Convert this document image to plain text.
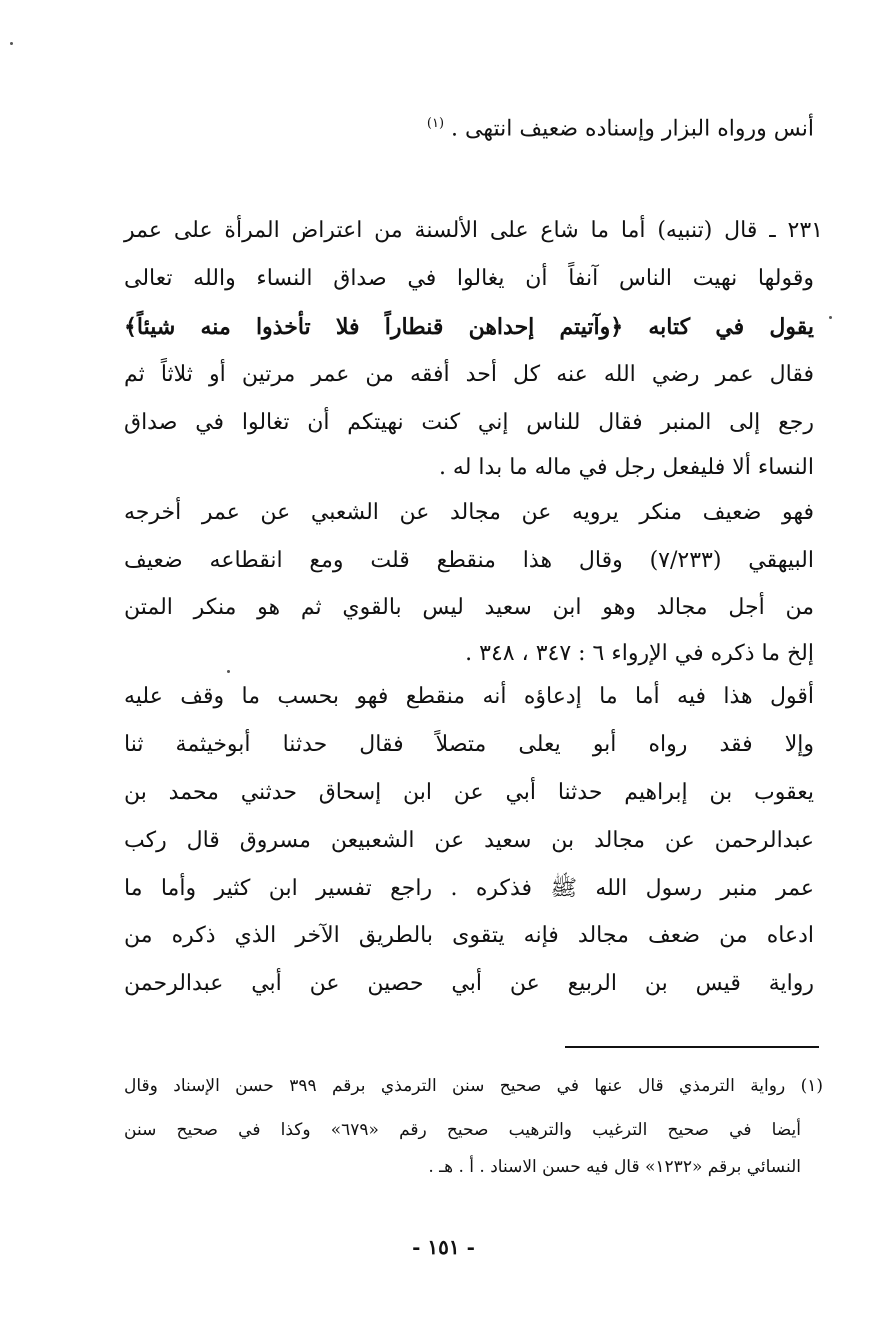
أنس ورواه البزار وإسناده ضعيف انتهى . $^{(١)}$
٢٣١ ـ قال (تنبيه) أما ما شاع على الألسنة من اعتراض المرأة على عمر
وقولها نهيت الناس آنفاً أن يغالوا في صداق النساء والله تعالى
يقول في كتابه ﴿وآتيتم إحداهن قنطاراً فلا تأخذوا منه شيئاً﴾
فقال عمر رضي الله عنه كل أحد أفقه من عمر مرتين أو ثلاثاً ثم
رجع إلى المنبر فقال للناس إني كنت نهيتكم أن تغالوا في صداق
النساء ألا فليفعل رجل في ماله ما بدا له .
فهو ضعيف منكر يرويه عن مجالد عن الشعبي عن عمر أخرجه
البيهقي (٧/٢٣٣) وقال هذا منقطع قلت ومع انقطاعه ضعيف
من أجل مجالد وهو ابن سعيد ليس بالقوي ثم هو منكر المتن
إلخ ما ذكره في الإرواء ٦ : ٣٤٧ ، ٣٤٨ .
أقول هذا فيه أما ما إدعاؤه أنه منقطع فهو بحسب ما وقف عليه
وإلا فقد رواه أبو يعلى متصلاً فقال حدثنا أبوخيثمة ثنا
يعقوب بن إبراهيم حدثنا أبي عن ابن إسحاق حدثني محمد بن
عبدالرحمن عن مجالد بن سعيد عن الشعبيعن مسروق قال ركب
عمر منبر رسول الله ﷺ فذكره . راجع تفسير ابن كثير وأما ما
ادعاه من ضعف مجالد فإنه يتقوى بالطريق الآخر الذي ذكره من
رواية قيس بن الربيع عن أبي حصين عن أبي عبدالرحمن
(١) رواية الترمذي قال عنها في صحيح سنن الترمذي برقم ٣٩٩ حسن الإسناد وقال
أيضا في صحيح الترغيب والترهيب صحيح رقم «٦٧٩» وكذا في صحيح سنن
النسائي برقم «١٢٣٢» قال فيه حسن الاسناد . أ . هـ .
- ١٥١ -
